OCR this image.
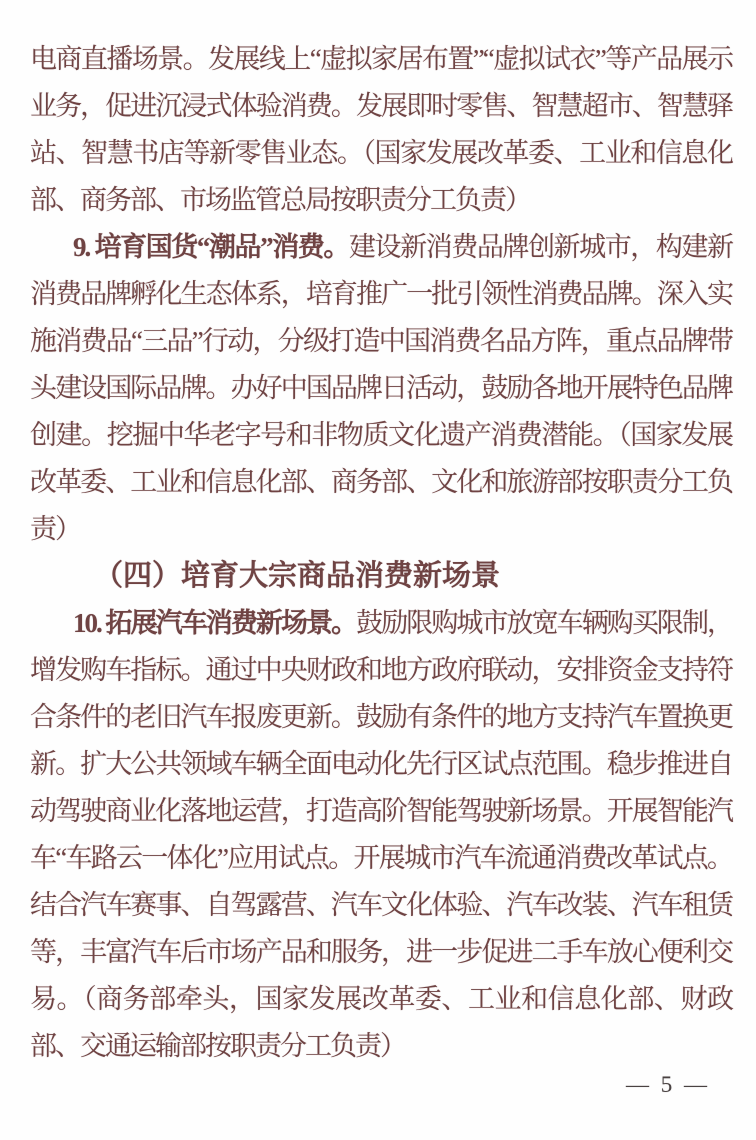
电商直播场景。发展线上“虚拟家居布置”“虚拟试衣”等产品展示业务，促进沉浸式体验消费。发展即时零售、智慧超市、智慧驿站、智慧书店等新零售业态。（国家发展改革委、工业和信息化部、商务部、市场监管总局按职责分工负责）

9. 培育国货“潮品”消费。建设新消费品牌创新城市，构建新消费品牌孵化生态体系，培育推广一批引领性消费品牌。深入实施消费品“三品”行动，分级打造中国消费名品方阵，重点品牌带头建设国际品牌。办好中国品牌日活动，鼓励各地开展特色品牌创建。挖掘中华老字号和非物质文化遗产消费潜能。（国家发展改革委、工业和信息化部、商务部、文化和旅游部按职责分工负责）

（四）培育大宗商品消费新场景

10. 拓展汽车消费新场景。鼓励限购城市放宽车辆购买限制，增发购车指标。通过中央财政和地方政府联动，安排资金支持符合条件的老旧汽车报废更新。鼓励有条件的地方支持汽车置换更新。扩大公共领域车辆全面电动化先行区试点范围。稳步推进自动驾驶商业化落地运营，打造高阶智能驾驶新场景。开展智能汽车“车路云一体化”应用试点。开展城市汽车流通消费改革试点。结合汽车赛事、自驾露营、汽车文化体验、汽车改装、汽车租赁等，丰富汽车后市场产品和服务，进一步促进二手车放心便利交易。（商务部牵头，国家发展改革委、工业和信息化部、财政部、交通运输部按职责分工负责）

— 5 —
